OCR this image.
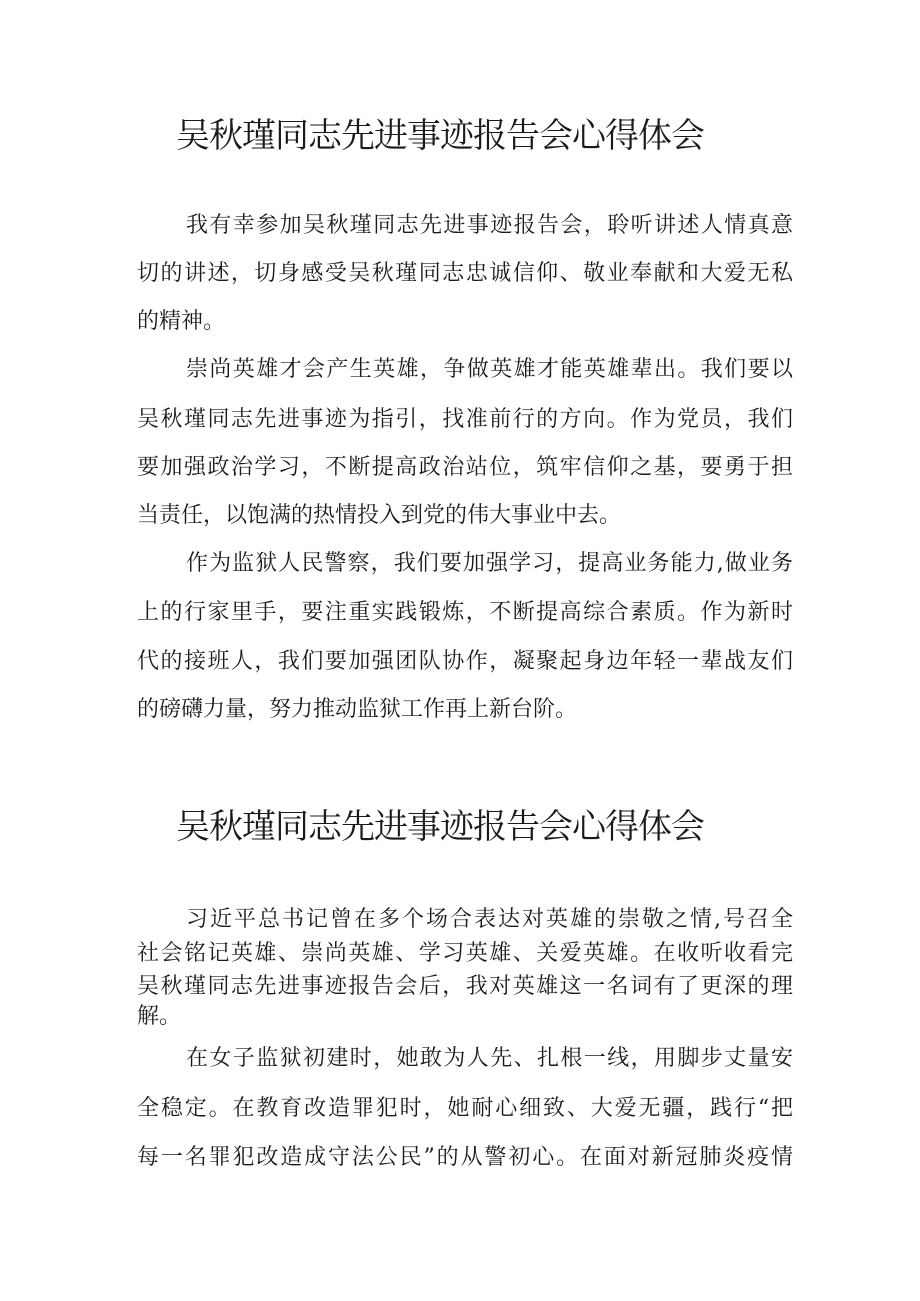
吴秋瑾同志先进事迹报告会心得体会
我有幸参加吴秋瑾同志先进事迹报告会，聆听讲述人情真意
切的讲述，切身感受吴秋瑾同志忠诚信仰、敬业奉献和大爱无私
的精神。
崇尚英雄才会产生英雄，争做英雄才能英雄辈出。我们要以
吴秋瑾同志先进事迹为指引，找准前行的方向。作为党员，我们
要加强政治学习，不断提高政治站位，筑牢信仰之基，要勇于担
当责任，以饱满的热情投入到党的伟大事业中去。
作为监狱人民警察，我们要加强学习，提高业务能力,做业务
上的行家里手，要注重实践锻炼，不断提高综合素质。作为新时
代的接班人，我们要加强团队协作，凝聚起身边年轻一辈战友们
的磅礴力量，努力推动监狱工作再上新台阶。
吴秋瑾同志先进事迹报告会心得体会
习近平总书记曾在多个场合表达对英雄的崇敬之情,号召全
社会铭记英雄、崇尚英雄、学习英雄、关爱英雄。在收听收看完
吴秋瑾同志先进事迹报告会后，我对英雄这一名词有了更深的理
解。
在女子监狱初建时，她敢为人先、扎根一线，用脚步丈量安
全稳定。在教育改造罪犯时，她耐心细致、大爱无疆，践行“把
每一名罪犯改造成守法公民”的从警初心。在面对新冠肺炎疫情
